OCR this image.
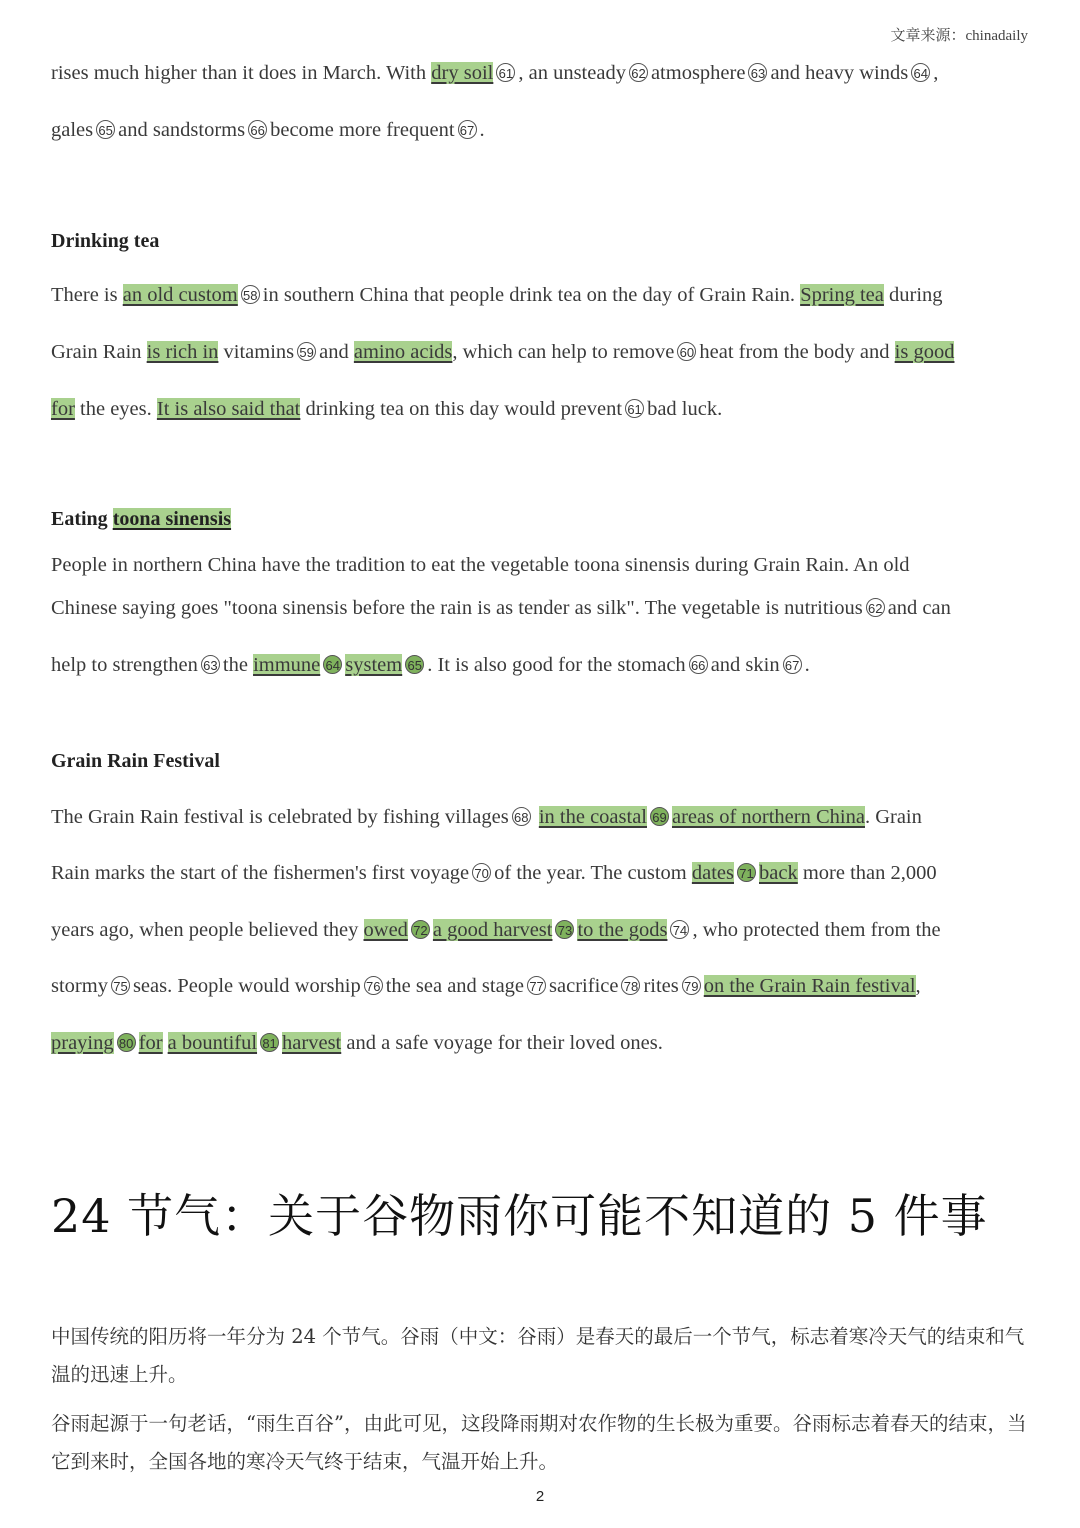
文章来源：chinadaily
rises much higher than it does in March. With dry soil 61 , an unsteady 62 atmosphere 63 and heavy winds 64 ,
gales 65 and sandstorms 66 become more frequent 67 .
Drinking tea
There is an old custom 58 in southern China that people drink tea on the day of Grain Rain. Spring tea during
Grain Rain is rich in vitamins 59 and amino acids, which can help to remove 60 heat from the body and is good
for the eyes. It is also said that drinking tea on this day would prevent 61 bad luck.
Eating toona sinensis
People in northern China have the tradition to eat the vegetable toona sinensis during Grain Rain. An old
Chinese saying goes "toona sinensis before the rain is as tender as silk". The vegetable is nutritious 62 and can
help to strengthen 63 the immune 64 system 65 . It is also good for the stomach 66 and skin 67 .
Grain Rain Festival
The Grain Rain festival is celebrated by fishing villages 68 in the coastal 69 areas of northern China. Grain
Rain marks the start of the fishermen's first voyage 70 of the year. The custom dates 71 back more than 2,000
years ago, when people believed they owed 72 a good harvest 73 to the gods 74 , who protected them from the
stormy 75 seas. People would worship 76 the sea and stage 77 sacrifice 78 rites 79 on the Grain Rain festival,
praying 80 for a bountiful 81 harvest and a safe voyage for their loved ones.
24 节气：关于谷物雨你可能不知道的 5 件事
中国传统的阳历将一年分为 24 个节气。谷雨（中文：谷雨）是春天的最后一个节气，标志着寒冷天气的结束和气温的迅速上升。
谷雨起源于一句老话，“雨生百谷”，由此可见，这段降雨期对农作物的生长极为重要。谷雨标志着春天的结束，当它到来时，全国各地的寒冷天气终于结束，气温开始上升。
2
